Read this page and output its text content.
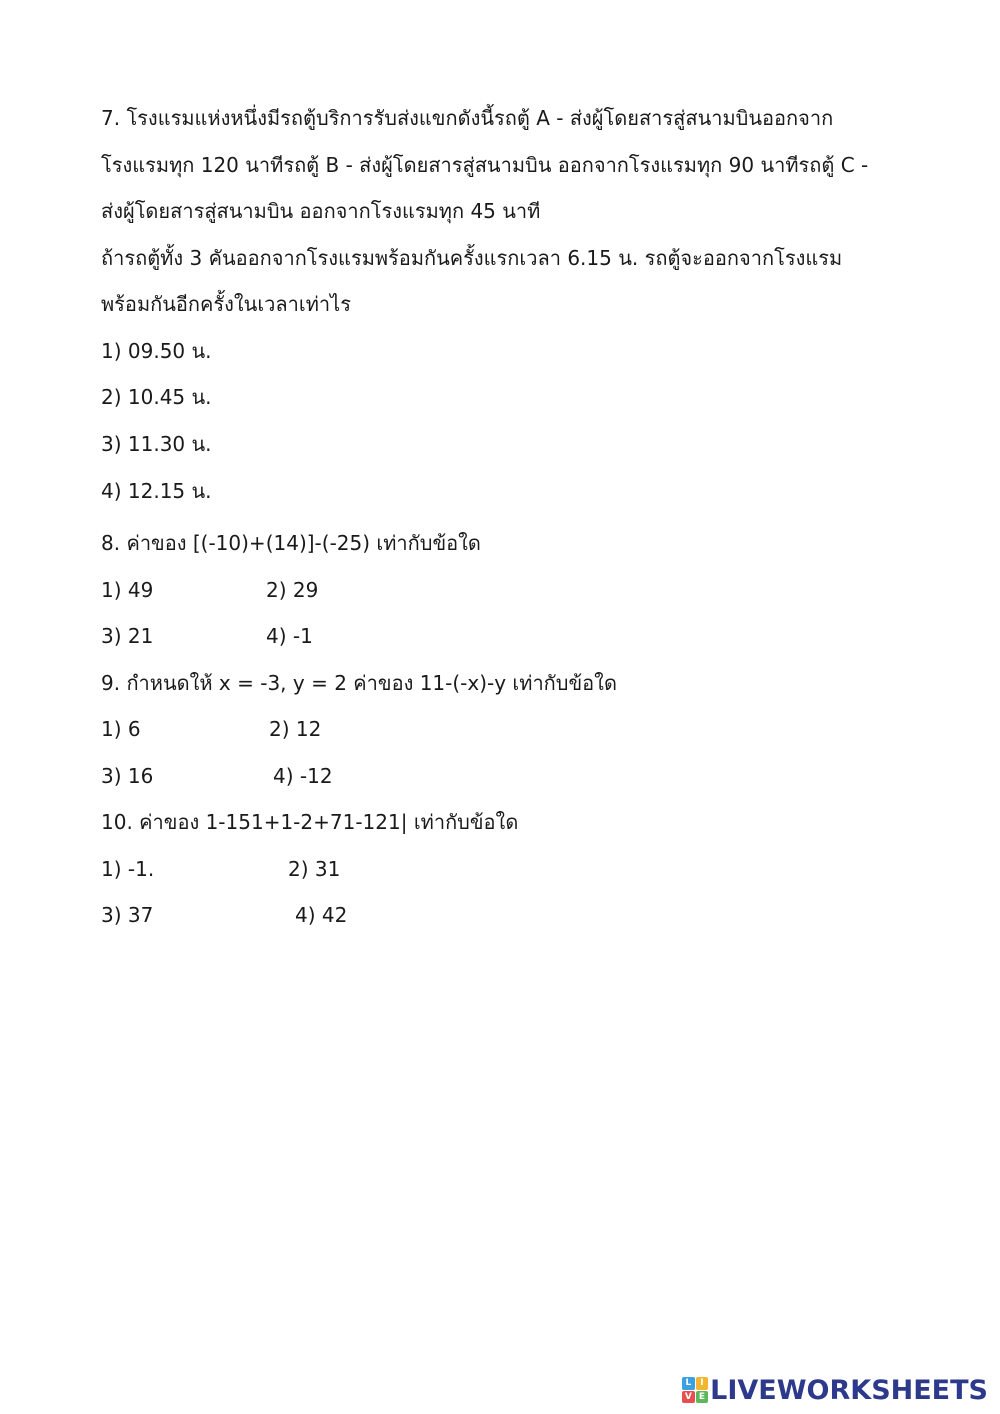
7. โรงแรมแห่งหนึ่งมีรถตู้บริการรับส่งแขกดังนี้รถตู้ A - ส่งผู้โดยสารสู่สนามบินออกจาก
โรงแรมทุก 120 นาทีรถตู้ B - ส่งผู้โดยสารสู่สนามบิน ออกจากโรงแรมทุก 90 นาทีรถตู้ C -
ส่งผู้โดยสารสู่สนามบิน ออกจากโรงแรมทุก 45 นาที
ถ้ารถตู้ทั้ง 3 คันออกจากโรงแรมพร้อมกันครั้งแรกเวลา 6.15 น. รถตู้จะออกจากโรงแรม
พร้อมกันอีกครั้งในเวลาเท่าไร
1) 09.50 น.
2) 10.45 น.
3) 11.30 น.
4) 12.15 น.
8. ค่าของ [(-10)+(14)]-(-25) เท่ากับข้อใด
1) 49	2) 29
3) 21	4) -1
9. กำหนดให้ x = -3, y = 2 ค่าของ 11-(-x)-y เท่ากับข้อใด
1) 6	2) 12
3) 16	4) -12
10. ค่าของ 1-151+1-2+71-121| เท่ากับข้อใด
1) -1.	2) 31
3) 37	4) 42
L I
V E LIVEWORKSHEETS
